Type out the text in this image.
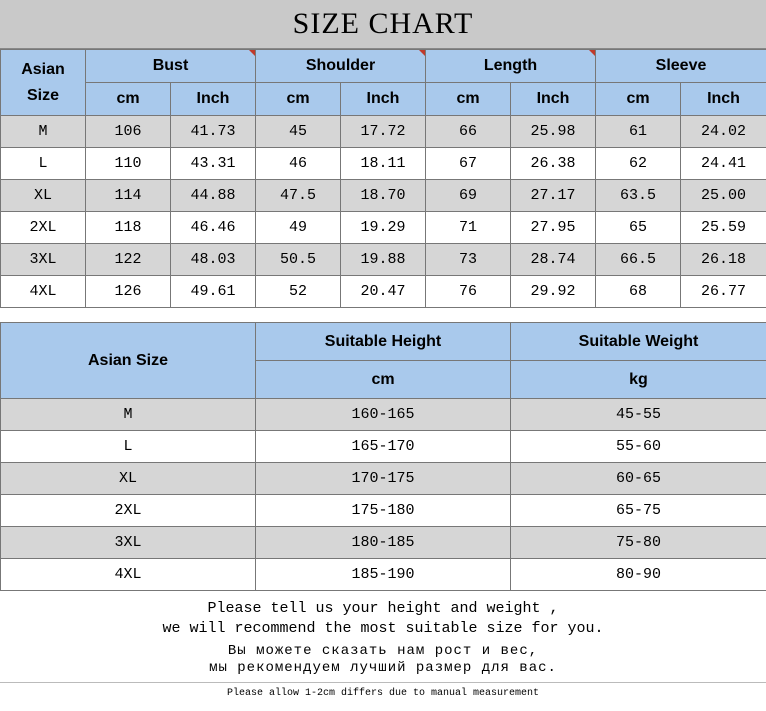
SIZE CHART
Asian
Size	Bust		Shoulder		Length		Sleeve	
	cm	Inch	cm	Inch	cm	Inch	cm	Inch
M	106	41.73	45	17.72	66	25.98	61	24.02
L	110	43.31	46	18.11	67	26.38	62	24.41
XL	114	44.88	47.5	18.70	69	27.17	63.5	25.00
2XL	118	46.46	49	19.29	71	27.95	65	25.59
3XL	122	48.03	50.5	19.88	73	28.74	66.5	26.18
4XL	126	49.61	52	20.47	76	29.92	68	26.77
Asian Size	Suitable Height	Suitable Weight
	cm	kg
M	160-165	45-55
L	165-170	55-60
XL	170-175	60-65
2XL	175-180	65-75
3XL	180-185	75-80
4XL	185-190	80-90
Please tell us your height and weight ,
we will recommend the most suitable size for you.
Вы можете сказать нам рост и вес,
мы рекомендуем лучший размер для вас.
Please allow 1-2cm differs due to manual measurement
